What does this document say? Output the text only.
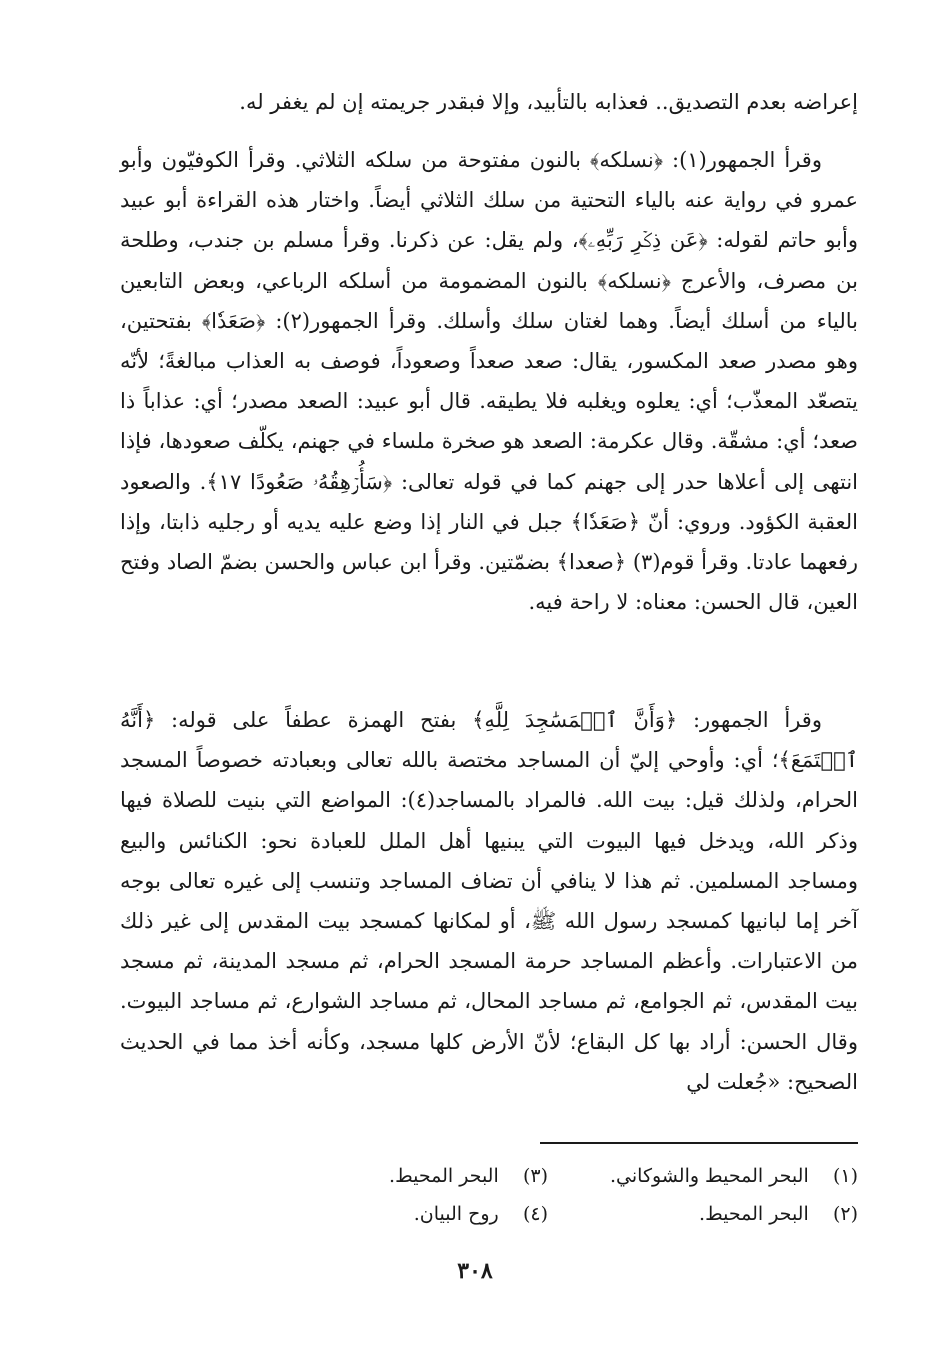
إعراضه بعدم التصديق.. فعذابه بالتأبيد، وإلا فبقدر جريمته إن لم يغفر له.

وقرأ الجمهور(١): ﴿نسلكه﴾ بالنون مفتوحة من سلكه الثلاثي. وقرأ الكوفيّون وأبو عمرو في رواية عنه بالياء التحتية من سلك الثلاثي أيضاً. واختار هذه القراءة أبو عبيد وأبو حاتم لقوله: ﴿عَن ذِكۡرِ رَبِّهِۦ﴾، ولم يقل: عن ذكرنا. وقرأ مسلم بن جندب، وطلحة بن مصرف، والأعرج ﴿نسلكه﴾ بالنون المضمومة من أسلكه الرباعي، وبعض التابعين بالياء من أسلك أيضاً. وهما لغتان سلك وأسلك. وقرأ الجمهور(٢): ﴿صَعَدٗا﴾ بفتحتين، وهو مصدر صعد المكسور، يقال: صعد صعداً وصعوداً، فوصف به العذاب مبالغةً؛ لأنّه يتصعّد المعذّب؛ أي: يعلوه ويغلبه فلا يطيقه. قال أبو عبيد: الصعد مصدر؛ أي: عذاباً ذا صعد؛ أي: مشقّة. وقال عكرمة: الصعد هو صخرة ملساء في جهنم، يكلّف صعودها، فإذا انتهى إلى أعلاها حدر إلى جهنم كما في قوله تعالى: ﴿سَأُرۡهِقُهُۥ صَعُودًا ١٧﴾. والصعود العقبة الكؤود. وروي: أنّ ﴿صَعَدٗا﴾ جبل في النار إذا وضع عليه يديه أو رجليه ذابتا، وإذا رفعهما عادتا. وقرأ قوم(٣) ﴿صعدا﴾ بضمّتين. وقرأ ابن عباس والحسن بضمّ الصاد وفتح العين، قال الحسن: معناه: لا راحة فيه.

وقرأ الجمهور: ﴿وَأَنَّ ٱلۡمَسَٰجِدَ لِلَّهِ﴾ بفتح الهمزة عطفاً على قوله: ﴿أَنَّهُ ٱسۡتَمَعَ﴾؛ أي: وأوحي إليّ أن المساجد مختصة بالله تعالى وبعبادته خصوصاً المسجد الحرام، ولذلك قيل: بيت الله. فالمراد بالمساجد(٤): المواضع التي بنيت للصلاة فيها وذكر الله، ويدخل فيها البيوت التي يبنيها أهل الملل للعبادة نحو: الكنائس والبيع ومساجد المسلمين. ثم هذا لا ينافي أن تضاف المساجد وتنسب إلى غيره تعالى بوجه آخر إما لبانيها كمسجد رسول الله ﷺ، أو لمكانها كمسجد بيت المقدس إلى غير ذلك من الاعتبارات. وأعظم المساجد حرمة المسجد الحرام، ثم مسجد المدينة، ثم مسجد بيت المقدس، ثم الجوامع، ثم مساجد المحال، ثم مساجد الشوارع، ثم مساجد البيوت. وقال الحسن: أراد بها كل البقاع؛ لأنّ الأرض كلها مسجد، وكأنه أخذ مما في الحديث الصحيح: «جُعلت لي

(١)    البحر المحيط والشوكاني.
(٣)    البحر المحيط.
(٢)    البحر المحيط.
(٤)    روح البيان.
٣٠٨
